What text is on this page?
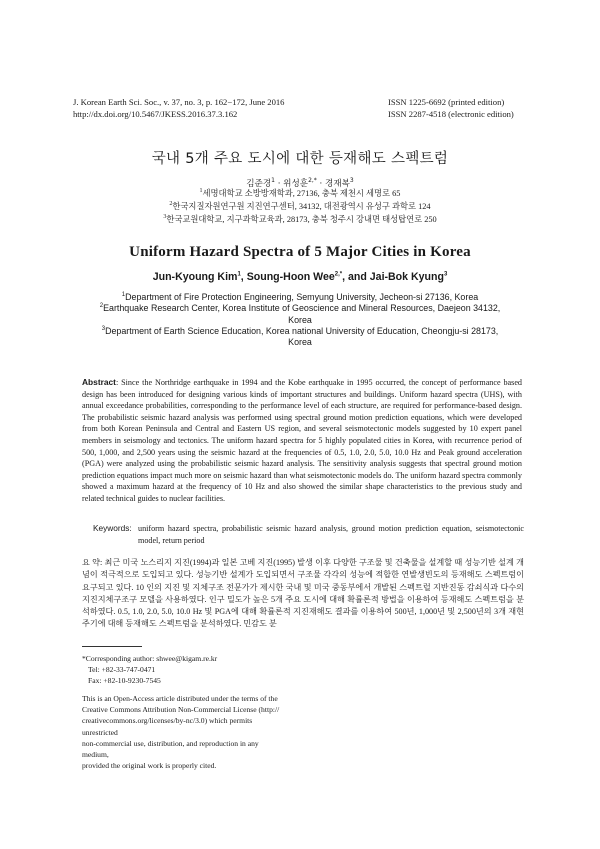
J. Korean Earth Sci. Soc., v. 37, no. 3, p. 162−172, June 2016
http://dx.doi.org/10.5467/JKESS.2016.37.3.162
ISSN 1225-6692 (printed edition)
ISSN 2287-4518 (electronic edition)
국내 5개 주요 도시에 대한 등재해도 스펙트럼
김준경$^1$ · 위성훈$^{2,*}$ · 경재복$^3$
$^1$세명대학교 소방방재학과, 27136, 충북 제천시 세명로 65
$^2$한국지질자원연구원 지진연구센터, 34132, 대전광역시 유성구 과학로 124
$^3$한국교원대학교, 지구과학교육과, 28173, 충북 청주시 강내면 태성탑연로 250
Uniform Hazard Spectra of 5 Major Cities in Korea
Jun-Kyoung Kim$^1$, Soung-Hoon Wee$^{2,*}$, and Jai-Bok Kyung$^3$
$^1$Department of Fire Protection Engineering, Semyung University, Jecheon-si 27136, Korea
$^2$Earthquake Research Center, Korea Institute of Geoscience and Mineral Resources, Daejeon 34132, Korea
$^3$Department of Earth Science Education, Korea national University of Education, Cheongju-si 28173, Korea
Abstract: Since the Northridge earthquake in 1994 and the Kobe earthquake in 1995 occurred, the concept of performance based design has been introduced for designing various kinds of important structures and buildings. Uniform hazard spectra (UHS), with annual exceedance probabilities, corresponding to the performance level of each structure, are required for performance-based design. The probabilistic seismic hazard analysis was performed using spectral ground motion prediction equations, which were developed from both Korean Peninsula and Central and Eastern US region, and several seismotectonic models suggested by 10 expert panel members in seismology and tectonics. The uniform hazard spectra for 5 highly populated cities in Korea, with recurrence period of 500, 1,000, and 2,500 years using the seismic hazard at the frequencies of 0.5, 1.0, 2.0, 5.0, 10.0 Hz and Peak ground acceleration (PGA) were analyzed using the probabilistic seismic hazard analysis. The sensitivity analysis suggests that spectral ground motion prediction equations impact much more on seismic hazard than what seismotectonic models do. The uniform hazard spectra commonly showed a maximum hazard at the frequency of 10 Hz and also showed the similar shape characteristics to the previous study and related technical guides to nuclear facilities.
Keywords: uniform hazard spectra, probabilistic seismic hazard analysis, ground motion prediction equation, seismotectonic model, return period
요 약: 최근 미국 노스리지 지진(1994)과 일본 고베 지진(1995) 발생 이후 다양한 구조물 및 건축물을 설계할 때 성능기반 설계 개념이 적극적으로 도입되고 있다. 성능기반 설계가 도입되면서 구조물 각각의 성능에 적합한 연발생빈도의 등재해도 스펙트럼이 요구되고 있다. 10 인의 지진 및 지체구조 전문가가 제시한 국내 및 미국 중동부에서 개발된 스펙트럴 지반진동 감쇠식과 다수의 지진지체구조구 모델을 사용하였다. 인구 밀도가 높은 5개 주요 도시에 대해 확률론적 방법을 이용하여 등재해도 스펙트럼을 분석하였다. 0.5, 1.0, 2.0, 5.0, 10.0 Hz 및 PGA에 대해 확률론적 지진재해도 결과를 이용하여 500년, 1,000년 및 2,500년의 3개 재현주기에 대해 등재해도 스펙트럼을 분석하였다. 민감도 분
*Corresponding author: shwee@kigam.re.kr
Tel: +82-33-747-0471
Fax: +82-10-9230-7545
This is an Open-Access article distributed under the terms of the
Creative Commons Attribution Non-Commercial License (http://
creativecommons.org/licenses/by-nc/3.0) which permits unrestricted
non-commercial use, distribution, and reproduction in any medium,
provided the original work is properly cited.
